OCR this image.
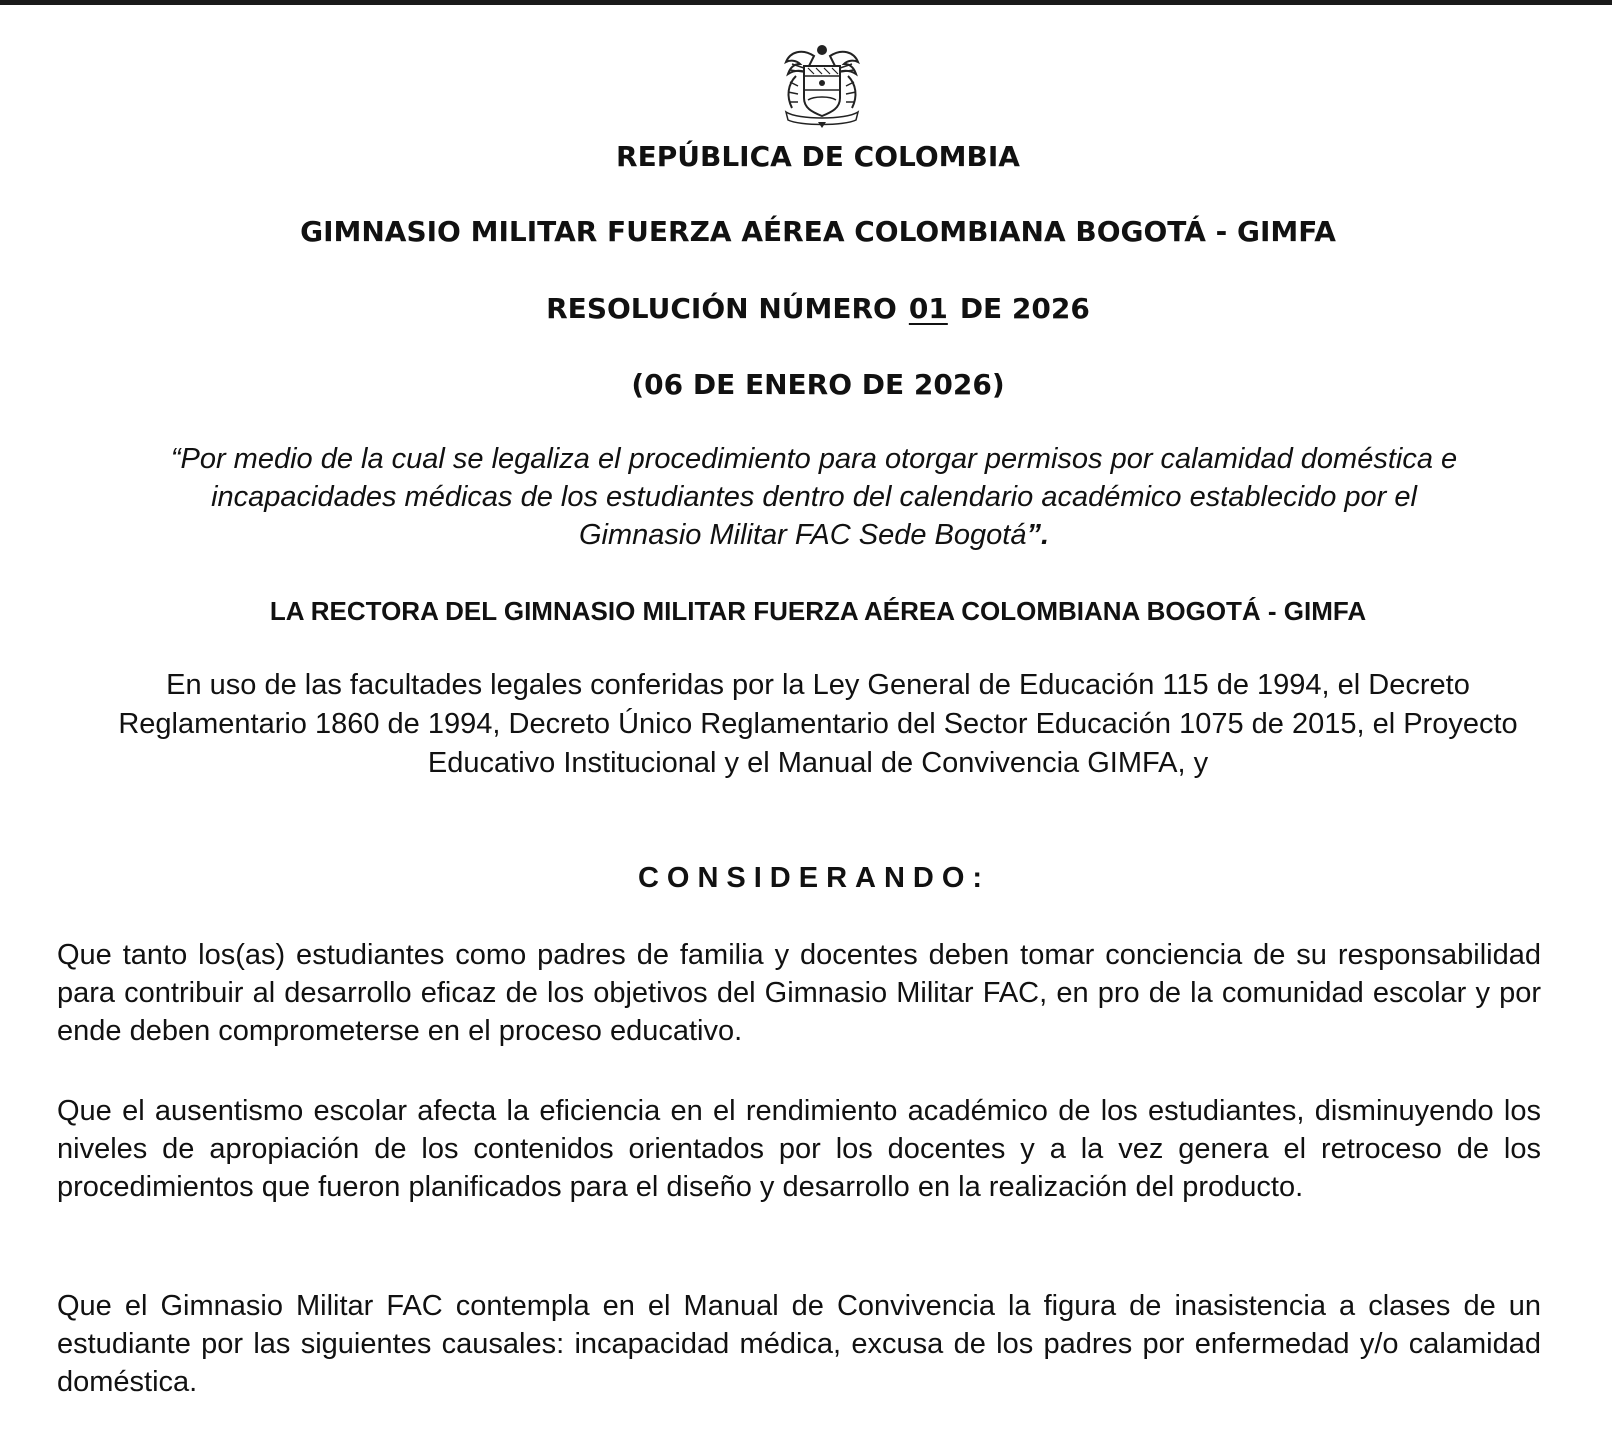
REPÚBLICA DE COLOMBIA
GIMNASIO MILITAR FUERZA AÉREA COLOMBIANA BOGOTÁ - GIMFA
RESOLUCIÓN NÚMERO 01 DE 2026
(06 DE ENERO DE 2026)
“Por medio de la cual se legaliza el procedimiento para otorgar permisos por calamidad doméstica e incapacidades médicas de los estudiantes dentro del calendario académico establecido por el Gimnasio Militar FAC Sede Bogotá”.
LA RECTORA DEL GIMNASIO MILITAR FUERZA AÉREA COLOMBIANA BOGOTÁ - GIMFA
En uso de las facultades legales conferidas por la Ley General de Educación 115 de 1994, el Decreto Reglamentario 1860 de 1994, Decreto Único Reglamentario del Sector Educación 1075 de 2015, el Proyecto Educativo Institucional y el Manual de Convivencia GIMFA, y
CONSIDERANDO:
Que tanto los(as) estudiantes como padres de familia y docentes deben tomar conciencia de su responsabilidad para contribuir al desarrollo eficaz de los objetivos del Gimnasio Militar FAC, en pro de la comunidad escolar y por ende deben comprometerse en el proceso educativo.
Que el ausentismo escolar afecta la eficiencia en el rendimiento académico de los estudiantes, disminuyendo los niveles de apropiación de los contenidos orientados por los docentes y a la vez genera el retroceso de los procedimientos que fueron planificados para el diseño y desarrollo en la realización del producto.
Que el Gimnasio Militar FAC contempla en el Manual de Convivencia la figura de inasistencia a clases de un estudiante por las siguientes causales: incapacidad médica, excusa de los padres por enfermedad y/o calamidad doméstica.
